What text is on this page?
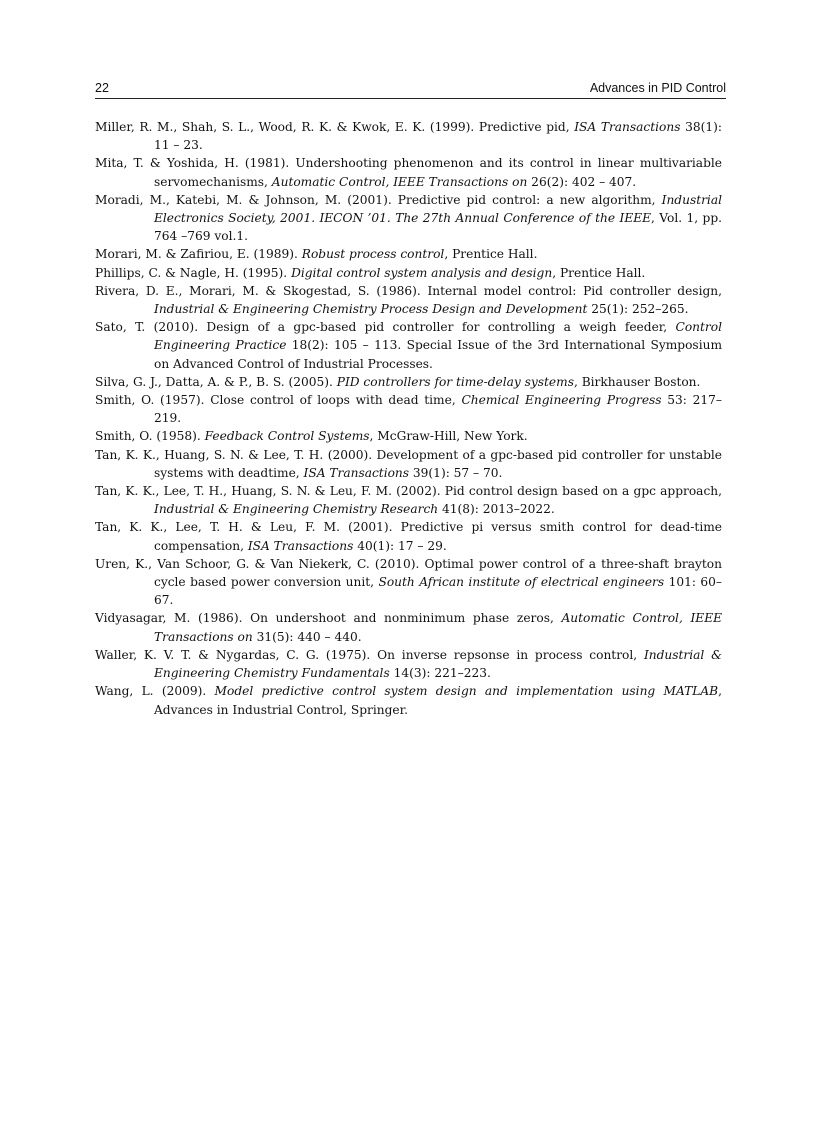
22	Advances in PID Control
Miller, R. M., Shah, S. L., Wood, R. K. & Kwok, E. K. (1999). Predictive pid, ISA Transactions 38(1): 11 – 23.
Mita, T. & Yoshida, H. (1981). Undershooting phenomenon and its control in linear multivariable servomechanisms, Automatic Control, IEEE Transactions on 26(2): 402 – 407.
Moradi, M., Katebi, M. & Johnson, M. (2001). Predictive pid control: a new algorithm, Industrial Electronics Society, 2001. IECON ’01. The 27th Annual Conference of the IEEE, Vol. 1, pp. 764 –769 vol.1.
Morari, M. & Zafiriou, E. (1989). Robust process control, Prentice Hall.
Phillips, C. & Nagle, H. (1995). Digital control system analysis and design, Prentice Hall.
Rivera, D. E., Morari, M. & Skogestad, S. (1986). Internal model control: Pid controller design, Industrial & Engineering Chemistry Process Design and Development 25(1): 252–265.
Sato, T. (2010). Design of a gpc-based pid controller for controlling a weigh feeder, Control Engineering Practice 18(2): 105 – 113. Special Issue of the 3rd International Symposium on Advanced Control of Industrial Processes.
Silva, G. J., Datta, A. & P., B. S. (2005). PID controllers for time-delay systems, Birkhauser Boston.
Smith, O. (1957). Close control of loops with dead time, Chemical Engineering Progress 53: 217–219.
Smith, O. (1958). Feedback Control Systems, McGraw-Hill, New York.
Tan, K. K., Huang, S. N. & Lee, T. H. (2000). Development of a gpc-based pid controller for unstable systems with deadtime, ISA Transactions 39(1): 57 – 70.
Tan, K. K., Lee, T. H., Huang, S. N. & Leu, F. M. (2002). Pid control design based on a gpc approach, Industrial & Engineering Chemistry Research 41(8): 2013–2022.
Tan, K. K., Lee, T. H. & Leu, F. M. (2001). Predictive pi versus smith control for dead-time compensation, ISA Transactions 40(1): 17 – 29.
Uren, K., Van Schoor, G. & Van Niekerk, C. (2010). Optimal power control of a three-shaft brayton cycle based power conversion unit, South African institute of electrical engineers 101: 60–67.
Vidyasagar, M. (1986). On undershoot and nonminimum phase zeros, Automatic Control, IEEE Transactions on 31(5): 440 – 440.
Waller, K. V. T. & Nygardas, C. G. (1975). On inverse repsonse in process control, Industrial & Engineering Chemistry Fundamentals 14(3): 221–223.
Wang, L. (2009). Model predictive control system design and implementation using MATLAB, Advances in Industrial Control, Springer.
